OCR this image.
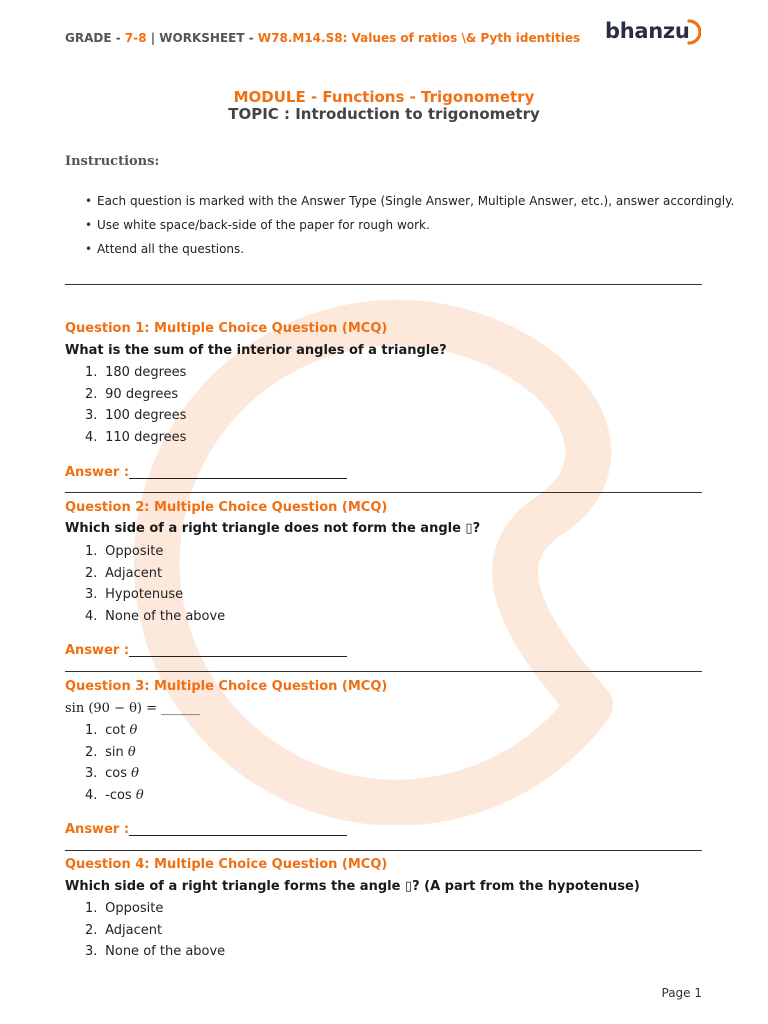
GRADE - 7-8 | WORKSHEET - W78.M14.S8: Values of ratios \& Pyth identities bhanzu
MODULE - Functions - Trigonometry
TOPIC : Introduction to trigonometry
Instructions:
• Each question is marked with the Answer Type (Single Answer, Multiple Answer, etc.), answer accordingly.
• Use white space/back-side of the paper for rough work.
• Attend all the questions.
Question 1: Multiple Choice Question (MCQ)
What is the sum of the interior angles of a triangle?
1. 180 degrees
2. 90 degrees
3. 100 degrees
4. 110 degrees
Answer :
Question 2: Multiple Choice Question (MCQ)
Which side of a right triangle does not form the angle ▯?
1. Opposite
2. Adjacent
3. Hypotenuse
4. None of the above
Answer :
Question 3: Multiple Choice Question (MCQ)
sin (90 − θ) = ______
1. cot θ
2. sin θ
3. cos θ
4. -cos θ
Answer :
Question 4: Multiple Choice Question (MCQ)
Which side of a right triangle forms the angle ▯? (A part from the hypotenuse)
1. Opposite
2. Adjacent
3. None of the above
Page 1
